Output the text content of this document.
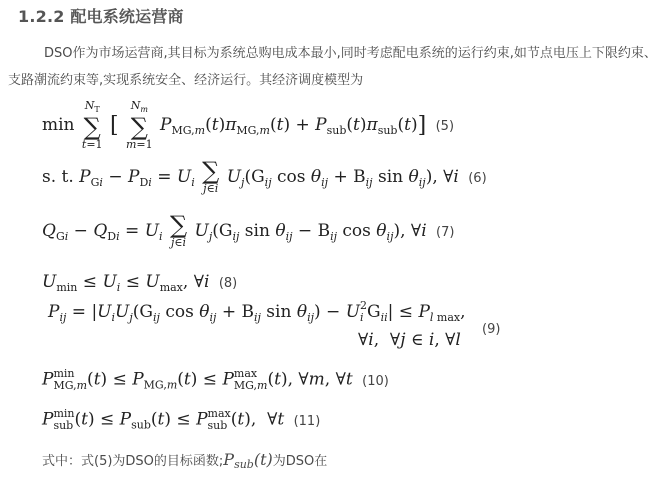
1.2.2 配电系统运营商
DSO作为市场运营商,其目标为系统总购电成本最小,同时考虑配电系统的运行约束,如节点电压上下限约束、支路潮流约束等,实现系统安全、经济运行。其经济调度模型为
min
$N_T$
∑
t=1
[
$N_m$
∑
m=1
$P_{MG,m}(t)\pi_{MG,m}(t) + P_{sub}(t)\pi_{sub}(t)$] (5)
s. t. $P_{Gi} - P_{Di} = U_i$ ∑
j∈i
$U_j(G_{ij}$ $\cos \theta_{ij} + B_{ij}$ $\sin \theta_{ij}$), ∀i (6)
$Q_{Gi} - Q_{Di} = U_i$ ∑
j∈i
$U_j(G_{ij}$ $\sin \theta_{ij} - B_{ij}$ $\cos \theta_{ij}$), ∀i (7)
$U_{min} \le U_i \le U_{max}$, ∀i (8)
$P_{ij} = |U_iU_j(G_{ij}$ $\cos \theta_{ij} + B_{ij}$ $\sin \theta_{ij}) - U$ 2
i $G_{ii}| \le P_{l max}$,
∀i,  ∀j ∈ i, ∀l
(9)
P min
MG,m $(t) \le P_{MG,m}(t) \le P$ max
MG,m (t), ∀m, ∀t (10)
P min
sub $(t) \le P_{sub}(t) \le P$ max
sub (t),  ∀t (11)
式中：式(5)为DSO的目标函数;Psub(t)为DSO在
